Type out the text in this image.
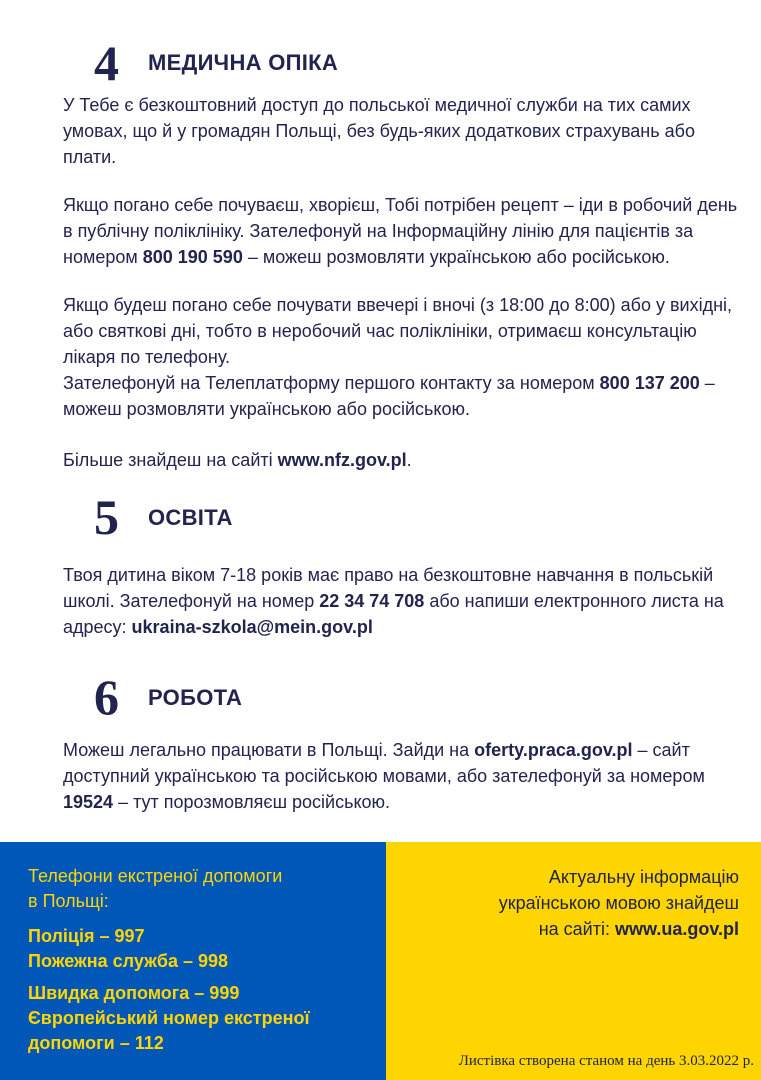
4 МЕДИЧНА ОПІКА

У Тебе є безкоштовний доступ до польської медичної служби на тих самих умовах, що й у громадян Польщі, без будь-яких додаткових страхувань або плати.

Якщо погано себе почуваєш, хворієш, Тобі потрібен рецепт – іди в робочий день в публічну поліклініку. Зателефонуй на Інформаційну лінію для пацієнтів за номером 800 190 590 – можеш розмовляти українською або російською.

Якщо будеш погано себе почувати ввечері і вночі (з 18:00 до 8:00) або у вихідні, або святкові дні, тобто в неробочий час поліклініки, отримаєш консультацію лікаря по телефону.

Зателефонуй на Телеплатформу першого контакту за номером 800 137 200 – можеш розмовляти українською або російською.

Більше знайдеш на сайті www.nfz.gov.pl.

5 ОСВІТА

Твоя дитина віком 7-18 років має право на безкоштовне навчання в польській школі. Зателефонуй на номер 22 34 74 708 або напиши електронного листа на адресу: ukraina-szkola@mein.gov.pl

6 РОБОТА

Можеш легально працювати в Польщі. Зайди на oferty.praca.gov.pl – сайт доступний українською та російською мовами, або зателефонуй за номером 19524 – тут порозмовляєш російською.

Телефони екстреної допомоги
в Польщі:

Поліція – 997
Пожежна служба – 998

Швидка допомога – 999
Європейський номер екстреної
допомоги – 112

Актуальну інформацію
українською мовою знайдеш
на сайті: www.ua.gov.pl

Листівка створена станом на день 3.03.2022 р.
